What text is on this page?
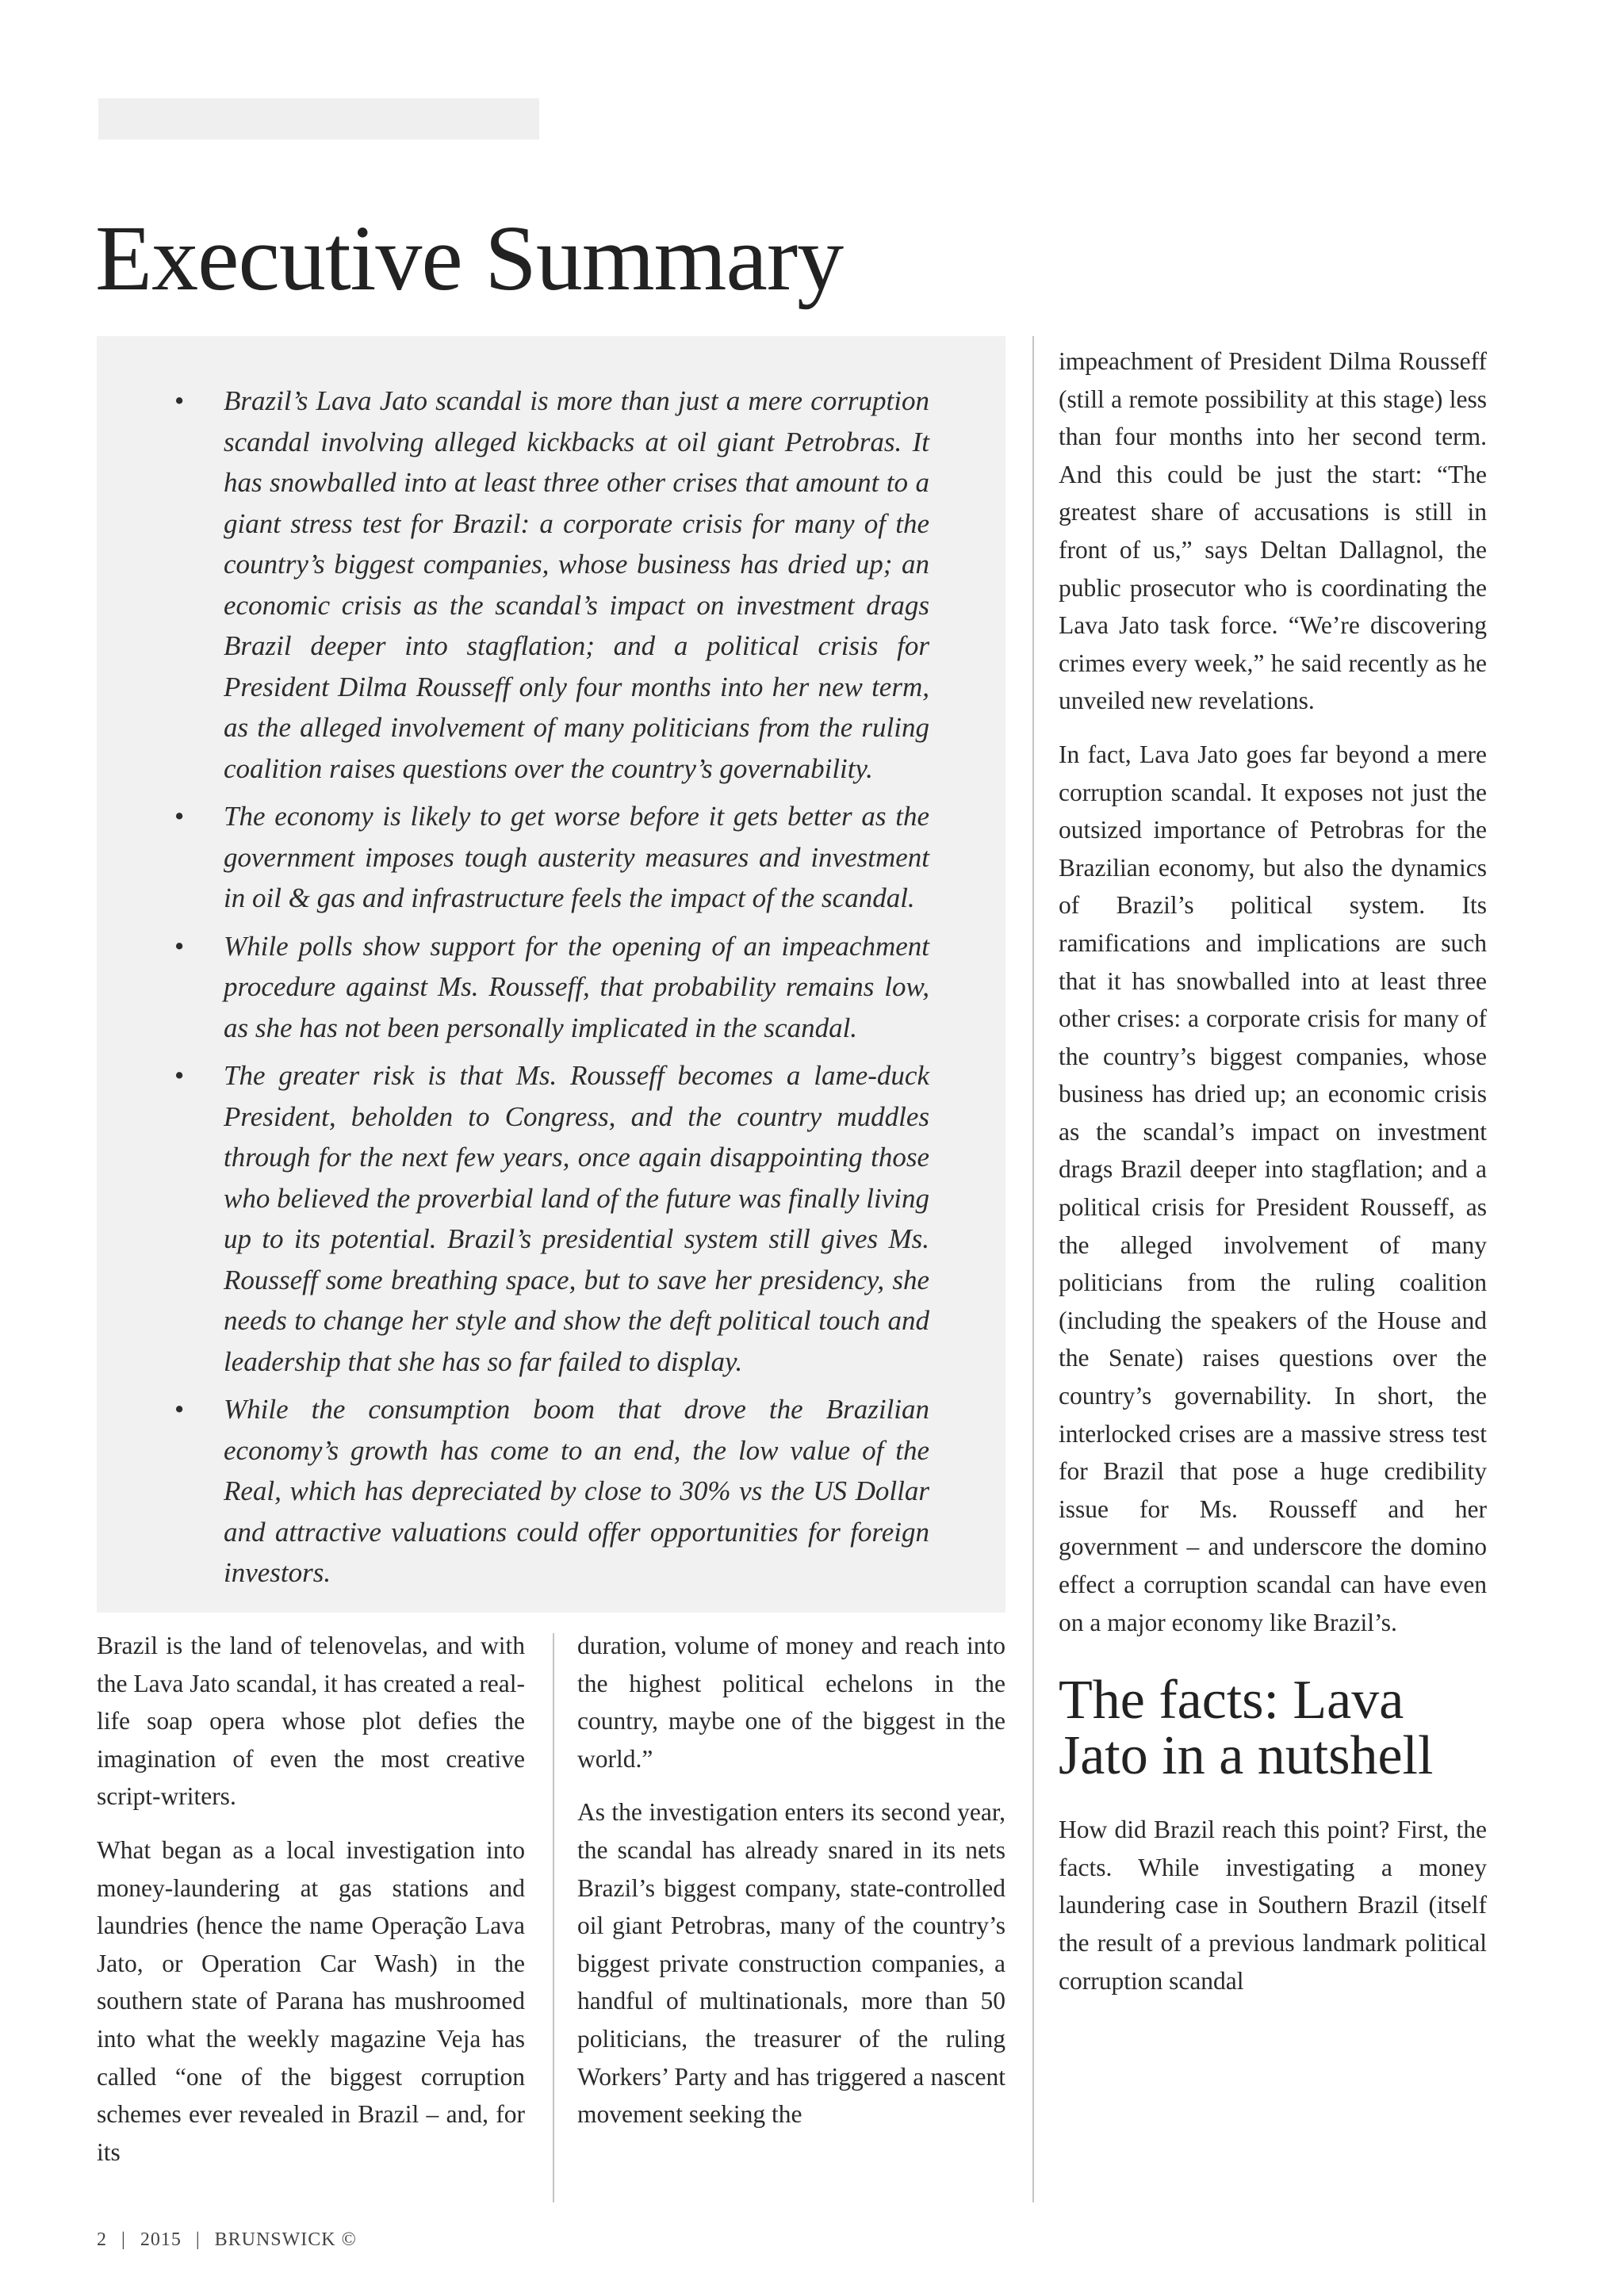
Executive Summary
• Brazil’s Lava Jato scandal is more than just a mere corruption scandal involving alleged kickbacks at oil giant Petrobras. It has snowballed into at least three other crises that amount to a giant stress test for Brazil: a corporate crisis for many of the country’s biggest companies, whose business has dried up; an economic crisis as the scandal’s impact on investment drags Brazil deeper into stagflation; and a political crisis for President Dilma Rousseff only four months into her new term, as the alleged involvement of many politicians from the ruling coalition raises questions over the country’s governability.
• The economy is likely to get worse before it gets better as the government imposes tough austerity measures and investment in oil & gas and infrastructure feels the impact of the scandal.
• While polls show support for the opening of an impeachment procedure against Ms. Rousseff, that probability remains low, as she has not been personally implicated in the scandal.
• The greater risk is that Ms. Rousseff becomes a lame-duck President, beholden to Congress, and the country muddles through for the next few years, once again disappointing those who believed the proverbial land of the future was finally living up to its potential. Brazil’s presidential system still gives Ms. Rousseff some breathing space, but to save her presidency, she needs to change her style and show the deft political touch and leadership that she has so far failed to display.
• While the consumption boom that drove the Brazilian economy’s growth has come to an end, the low value of the Real, which has depreciated by close to 30% vs the US Dollar and attractive valuations could offer opportunities for foreign investors.

Brazil is the land of telenovelas, and with the Lava Jato scandal, it has created a real-life soap opera whose plot defies the imagination of even the most creative script-writers.

What began as a local investigation into money-laundering at gas stations and laundries (hence the name Operação Lava Jato, or Operation Car Wash) in the southern state of Parana has mushroomed into what the weekly magazine Veja has called “one of the biggest corruption schemes ever revealed in Brazil – and, for its

duration, volume of money and reach into the highest political echelons in the country, maybe one of the biggest in the world.”

As the investigation enters its second year, the scandal has already snared in its nets Brazil’s biggest company, state-controlled oil giant Petrobras, many of the country’s biggest private construction companies, a handful of multinationals, more than 50 politicians, the treasurer of the ruling Workers’ Party and has triggered a nascent movement seeking the

impeachment of President Dilma Rousseff (still a remote possibility at this stage) less than four months into her second term. And this could be just the start: “The greatest share of accusations is still in front of us,” says Deltan Dallagnol, the public prosecutor who is coordinating the Lava Jato task force. “We’re discovering crimes every week,” he said recently as he unveiled new revelations.

In fact, Lava Jato goes far beyond a mere corruption scandal. It exposes not just the outsized importance of Petrobras for the Brazilian economy, but also the dynamics of Brazil’s political system. Its ramifications and implications are such that it has snowballed into at least three other crises: a corporate crisis for many of the country’s biggest companies, whose business has dried up; an economic crisis as the scandal’s impact on investment drags Brazil deeper into stagflation; and a political crisis for President Rousseff, as the alleged involvement of many politicians from the ruling coalition (including the speakers of the House and the Senate) raises questions over the country’s governability. In short, the interlocked crises are a massive stress test for Brazil that pose a huge credibility issue for Ms. Rousseff and her government – and underscore the domino effect a corruption scandal can have even on a major economy like Brazil’s.

The facts: Lava Jato in a nutshell

How did Brazil reach this point? First, the facts. While investigating a money laundering case in Southern Brazil (itself the result of a previous landmark political corruption scandal

2 | 2015 | BRUNSWICK ©
